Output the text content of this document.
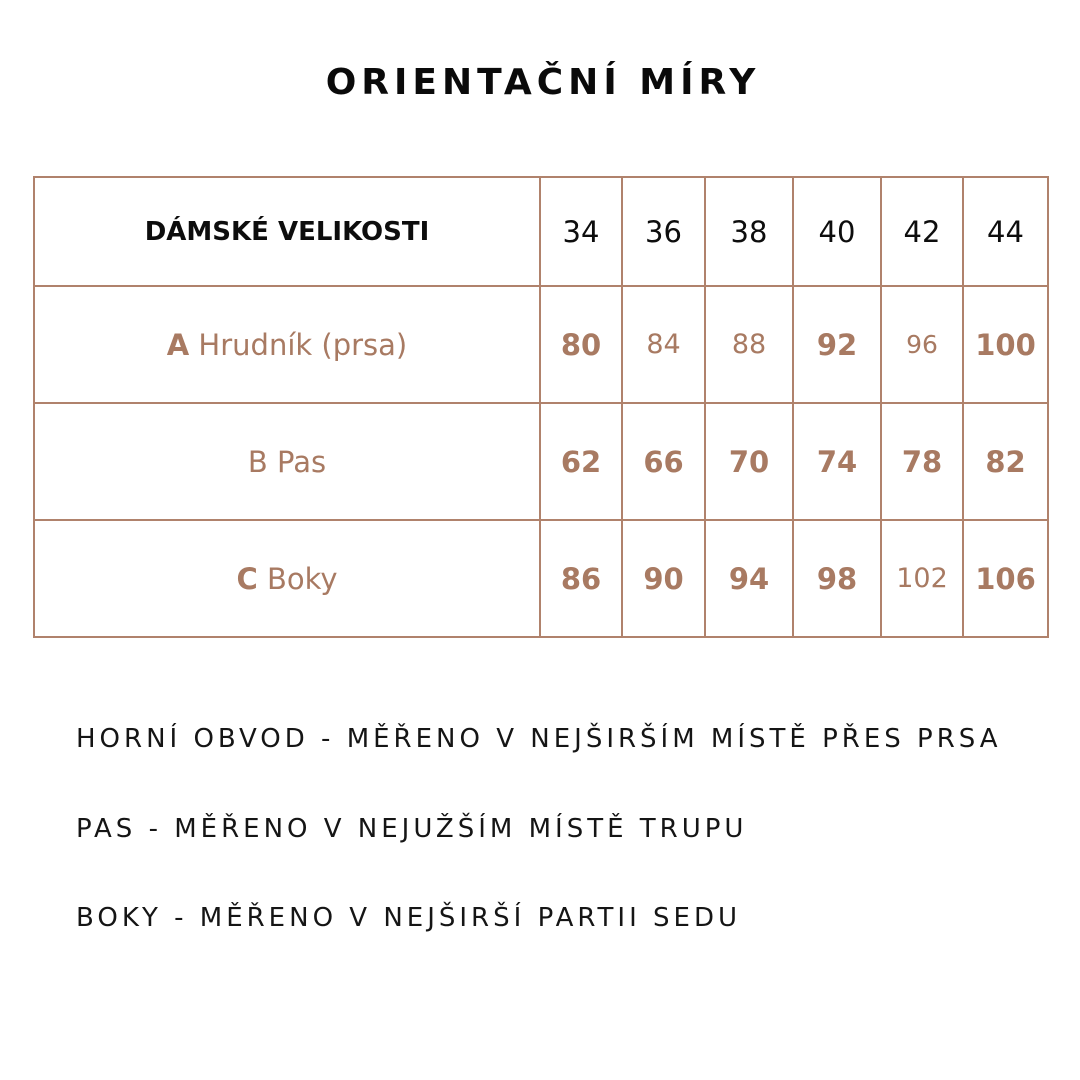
ORIENTAČNÍ MÍRY
DÁMSKÉ VELIKOSTI	34	36	38	40	42	44
A Hrudník (prsa)	80	84	88	92	96	100
B Pas	62	66	70	74	78	82
C Boky	86	90	94	98	102	106
HORNÍ OBVOD - MĚŘENO V NEJŠIRŠÍM MÍSTĚ PŘES PRSA
PAS - MĚŘENO V NEJUŽŠÍM MÍSTĚ TRUPU
BOKY - MĚŘENO V NEJŠIRŠÍ PARTII SEDU
